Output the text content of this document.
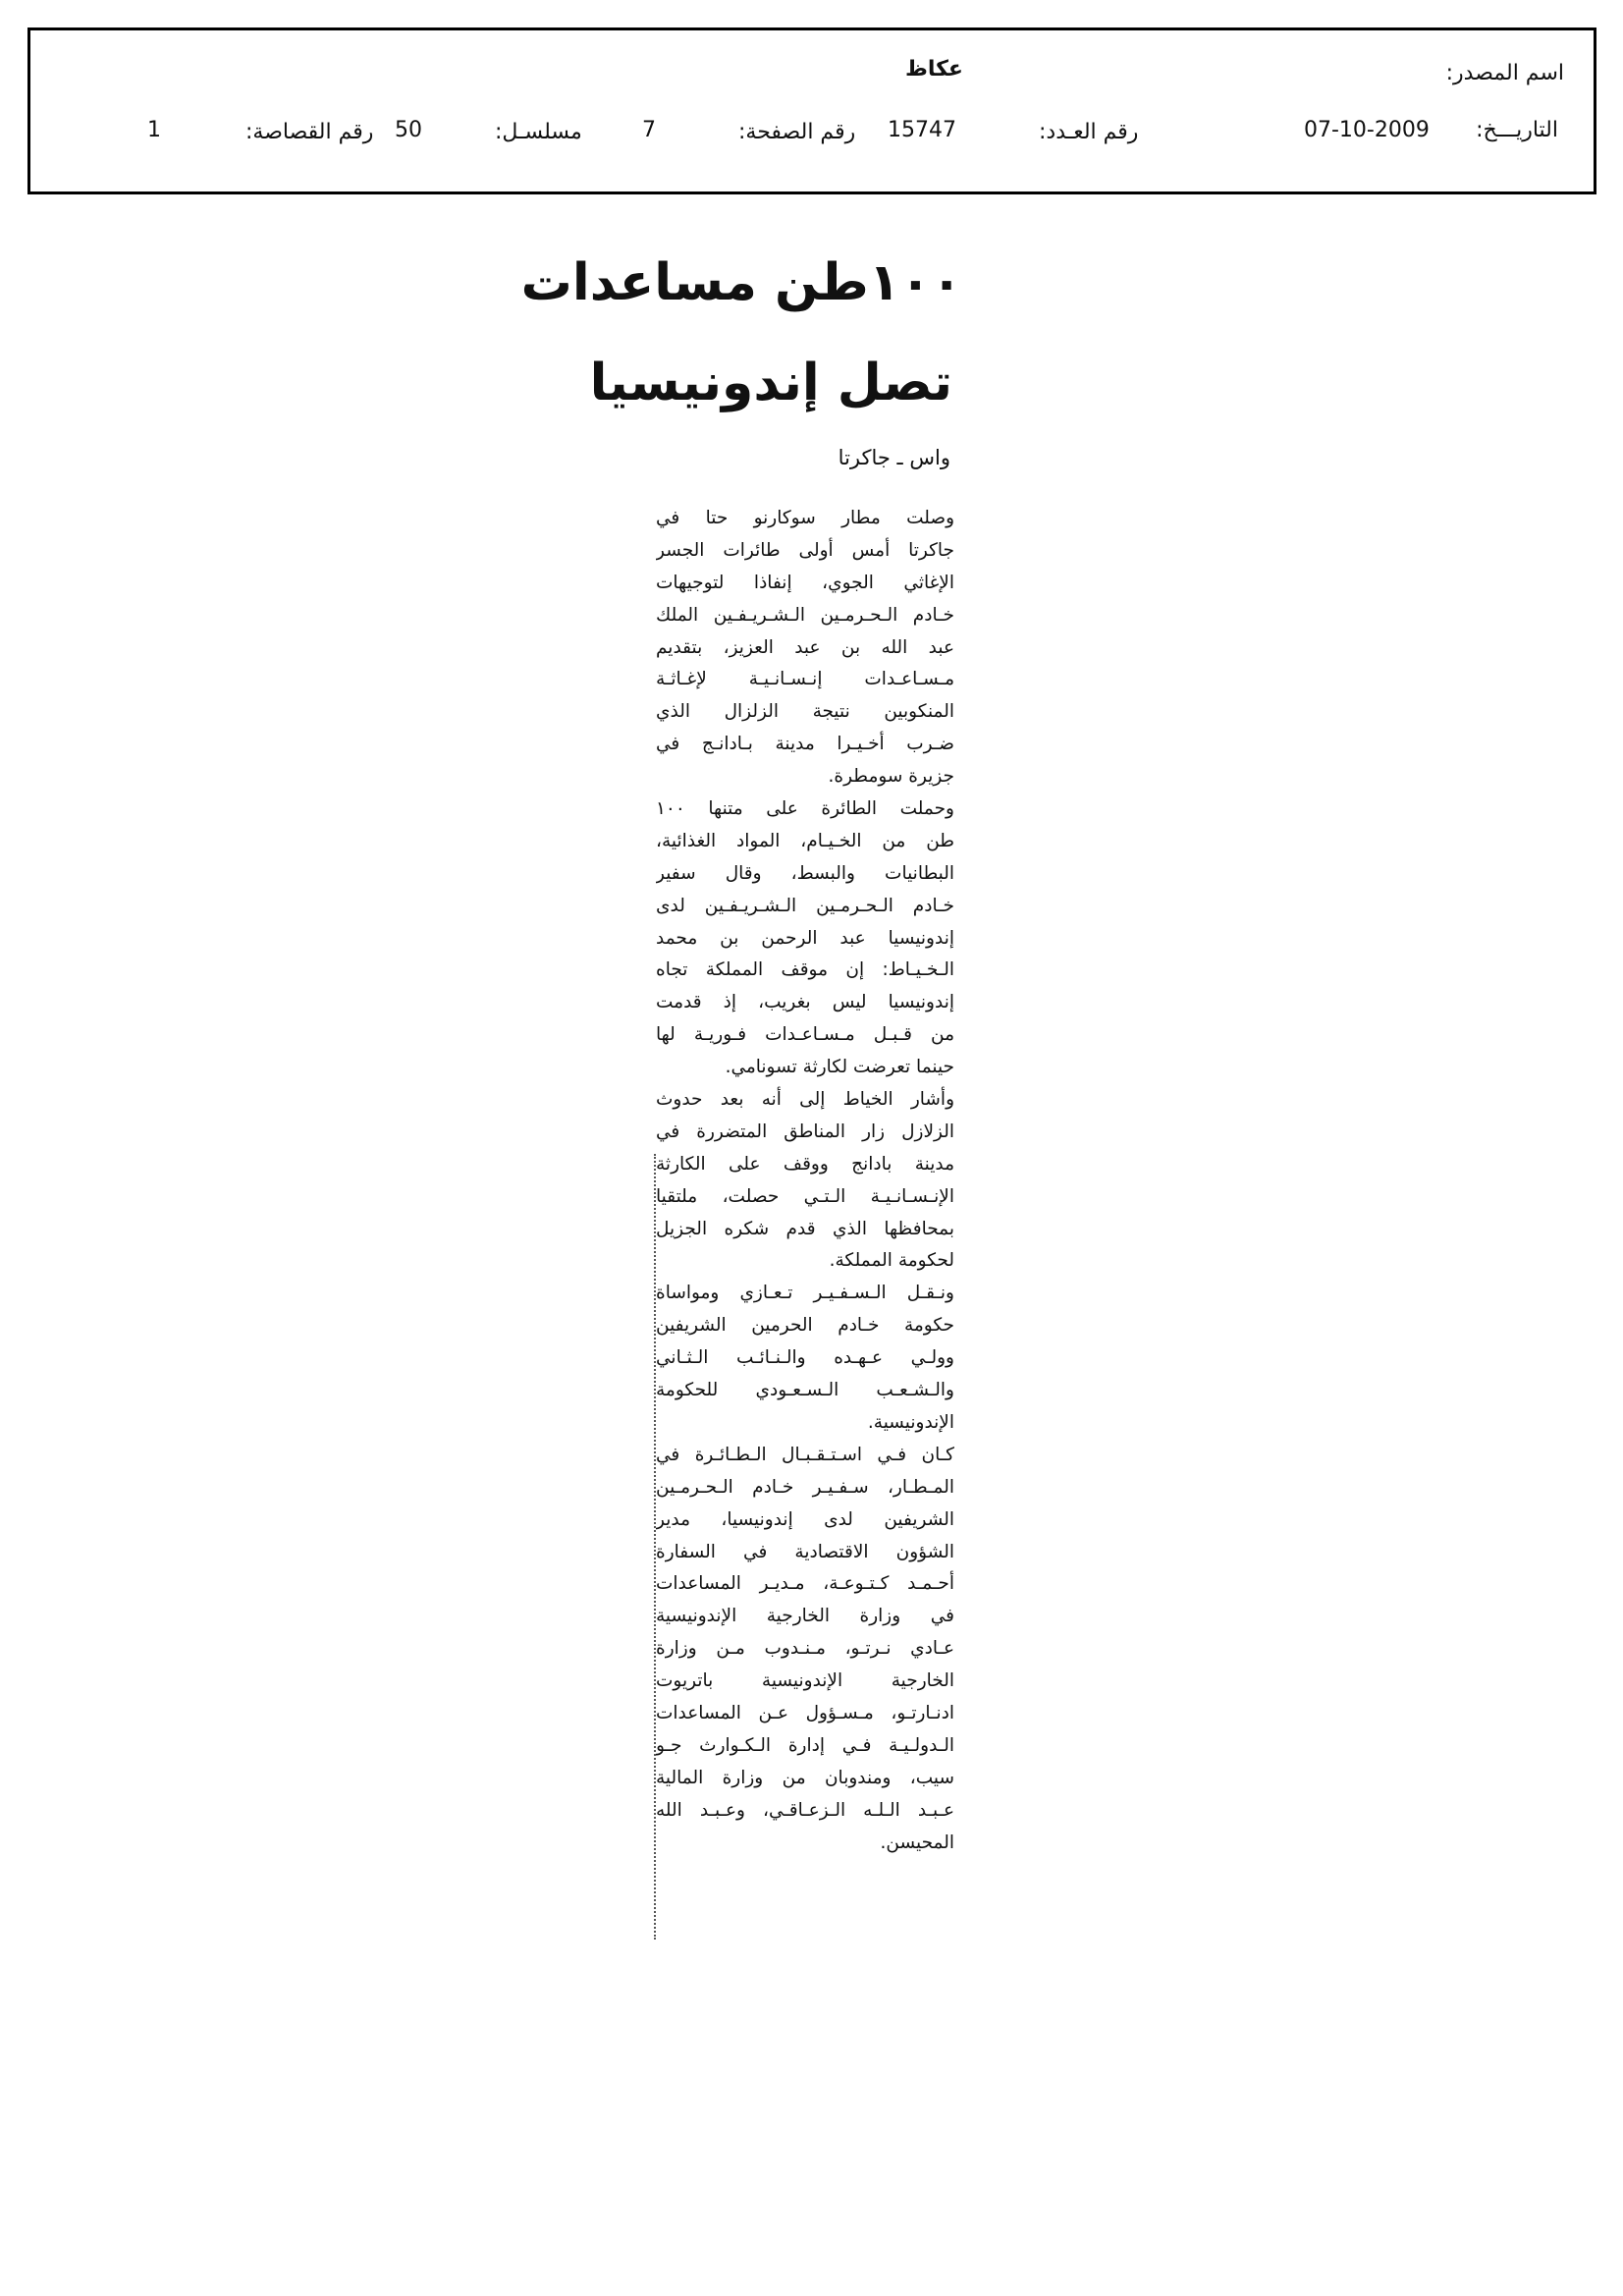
اسم المصدر:
عكاظ
التاريـــخ:
07-10-2009
رقم العـدد:
15747
رقم الصفحة:
7
مسلسـل:
50
رقم القصاصة:
1
١٠٠طن مساعدات
تصل إندونيسيا
واس ـ جاكرتا

وصلت مطار سوكارنو حتا في
جاكرتا أمس أولى طائرات الجسر
الإغاثي الجوي، إنفاذا لتوجيهات
خـادم الـحـرمـين الـشـريـفـين الملك
عبد الله بن عبد العزيز، بتقديم
مـسـاعـدات إنـسـانـيـة لإغـاثـة
المنكوبين نتيجة الزلزال الذي
ضـرب أخـيـرا مدينة بـادانـج في
جزيرة سومطرة.

وحملت الطائرة على متنها ١٠٠
طن من الخـيـام، المواد الغذائية،
البطانيات والبسط، وقال سفير
خـادم الـحـرمـين الـشـريـفـين لدى
إندونيسيا عبد الرحمن بن محمد
الـخـيـاط: إن موقف المملكة تجاه
إندونيسيا ليس بغريب، إذ قدمت
من قـبـل مـسـاعـدات فـوريـة لها
حينما تعرضت لكارثة تسونامي.

وأشار الخياط إلى أنه بعد حدوث
الزلازل زار المناطق المتضررة في
مدينة بادانج ووقف على الكارثة
الإنـسـانـيـة الـتـي حصلت، ملتقيا
بمحافظها الذي قدم شكره الجزيل
لحكومة المملكة.

ونـقـل الـسـفـيـر تـعـازي ومواساة
حكومة خـادم الحرمين الشريفين
وولـي عـهـده والـنـائـب الـثـاني
والـشـعـب الـسـعـودي للحكومة
الإندونيسية.

كـان فـي اسـتـقـبـال الـطـائـرة في
المـطـار، سـفـيـر خـادم الـحـرمـين
الشريفين لدى إندونيسيا، مدير
الشؤون الاقتصادية في السفارة
أحـمـد كـتـوعـة، مـديـر المساعدات
في وزارة الخارجية الإندونيسية
عـادي نـرتـو، مـنـدوب مـن وزارة
الخارجية الإندونيسية باتريوت
ادنـارتـو، مـسـؤول عـن المساعدات
الـدولـيـة فـي إدارة الـكـوارث جـو
سيب، ومندوبان من وزارة المالية
عـبـد الـلـه الـزعـاقـي، وعـبـد الله
المحيسن.
